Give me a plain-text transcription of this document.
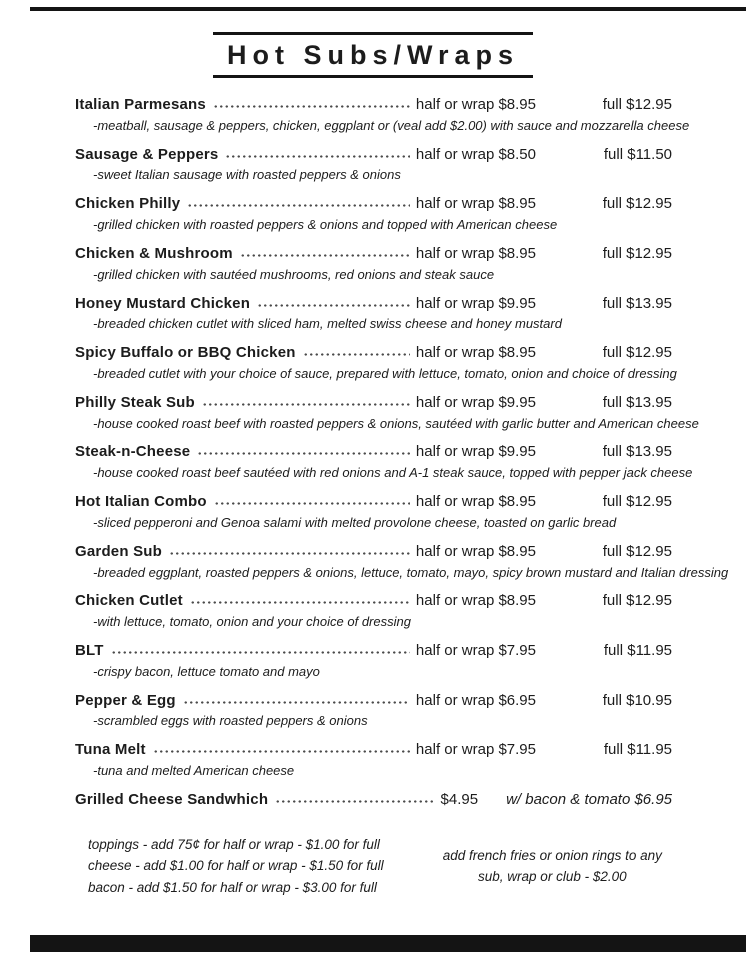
Hot Subs/Wraps
Italian Parmesans	half or wrap $8.95	full $12.95
-meatball, sausage & peppers, chicken, eggplant or (veal add $2.00) with sauce and mozzarella cheese
Sausage & Peppers	half or wrap $8.50	full $11.50
-sweet Italian sausage with roasted peppers & onions
Chicken Philly	half or wrap $8.95	full $12.95
-grilled chicken with roasted peppers & onions and topped with American cheese
Chicken & Mushroom	half or wrap $8.95	full $12.95
-grilled chicken with sautéed mushrooms, red onions and steak sauce
Honey Mustard Chicken	half or wrap $9.95	full $13.95
-breaded chicken cutlet with sliced ham, melted swiss cheese and honey mustard
Spicy Buffalo or BBQ Chicken	half or wrap $8.95	full $12.95
-breaded cutlet with your choice of sauce, prepared with lettuce, tomato, onion and choice of dressing
Philly Steak Sub	half or wrap $9.95	full $13.95
-house cooked roast beef with roasted peppers & onions, sautéed with garlic butter and American cheese
Steak-n-Cheese	half or wrap $9.95	full $13.95
-house cooked roast beef sautéed with red onions and A-1 steak sauce, topped with pepper jack cheese
Hot Italian Combo	half or wrap $8.95	full $12.95
-sliced pepperoni and Genoa salami with melted provolone cheese, toasted on garlic bread
Garden Sub	half or wrap $8.95	full $12.95
-breaded eggplant, roasted peppers & onions, lettuce, tomato, mayo, spicy brown mustard and Italian dressing
Chicken Cutlet	half or wrap $8.95	full $12.95
-with lettuce, tomato, onion and your choice of dressing
BLT	half or wrap $7.95	full $11.95
-crispy bacon, lettuce tomato and mayo
Pepper & Egg	half or wrap $6.95	full $10.95
-scrambled eggs with roasted peppers & onions
Tuna Melt	half or wrap $7.95	full $11.95
-tuna and melted American cheese
Grilled Cheese Sandwhich	$4.95 w/ bacon & tomato $6.95
toppings - add 75¢ for half or wrap - $1.00 for full
cheese - add $1.00 for half or wrap - $1.50 for full
bacon - add $1.50 for half or wrap - $3.00 for full
add french fries or onion rings to any
sub, wrap or club - $2.00
